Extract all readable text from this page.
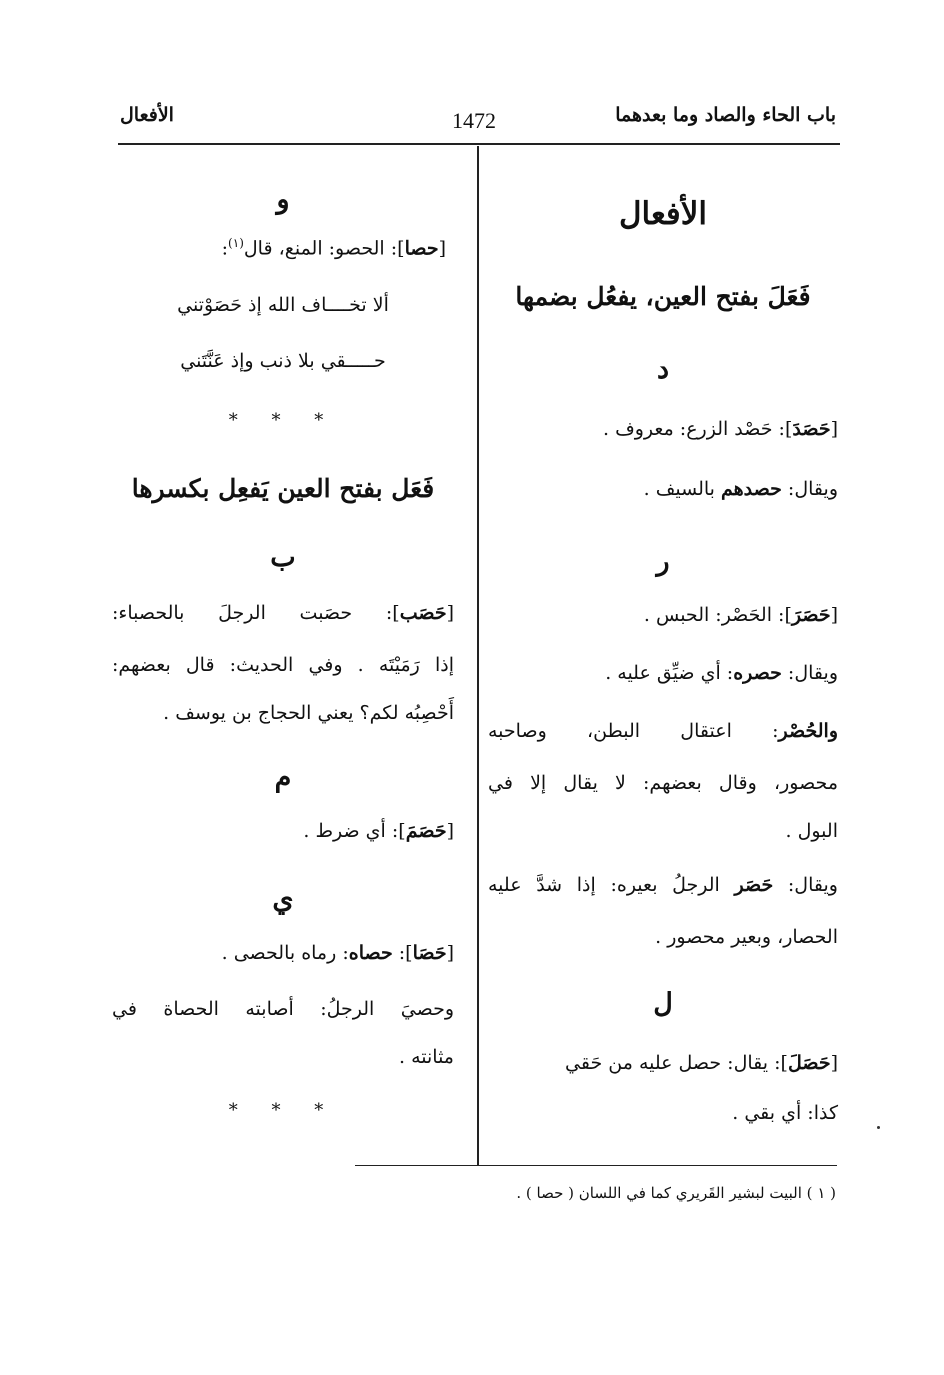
باب الحاء والصاد وما بعدهما
1472
الأفعال
الأفعال
فَعَلَ بفتح العين، يفعُل بضمها
د
[حَصَدَ]: حَصْد الزرع: معروف .
ويقال: حصدهم بالسيف .
ر
[حَصَرَ]: الحَصْر: الحبس .
ويقال: حصره: أي ضيِّق عليه .
والحُصْر: اعتقال البطن، وصاحبه
محصور، وقال بعضهم: لا يقال إلا في
البول .
ويقال: حَصَر الرجلُ بعيره: إذا شدَّ عليه
الحصار، وبعير محصور .
ل
[حَصَلَ]: يقال: حصل عليه من حَقي
كذا: أي بقي .
و
[حصا]: الحصو: المنع، قال$^{(١)}$:
ألا تخــــاف الله إذ حَصَوْتني
حـــــقي بلا ذنب وإذ عَنَّتَني
* * *
فَعَل بفتح العين يَفعِل بكسرها
ب
[حَصَب]: حصَبت الرجلَ بالحصباء:
إذا رَمَيْتَه . وفي الحديث: قال بعضهم:
أَحْصِبُه لكم؟ يعني الحجاج بن يوسف .
م
[حَصَمَ]: أي ضرط .
ي
[حَصَا]: حصاه: رماه بالحصى .
وحصيَ الرجلُ: أصابته الحصاة في
مثانته .
* * *
( ١ ) البيت لبشير القَريري كما في اللسان ( حصا ) .
